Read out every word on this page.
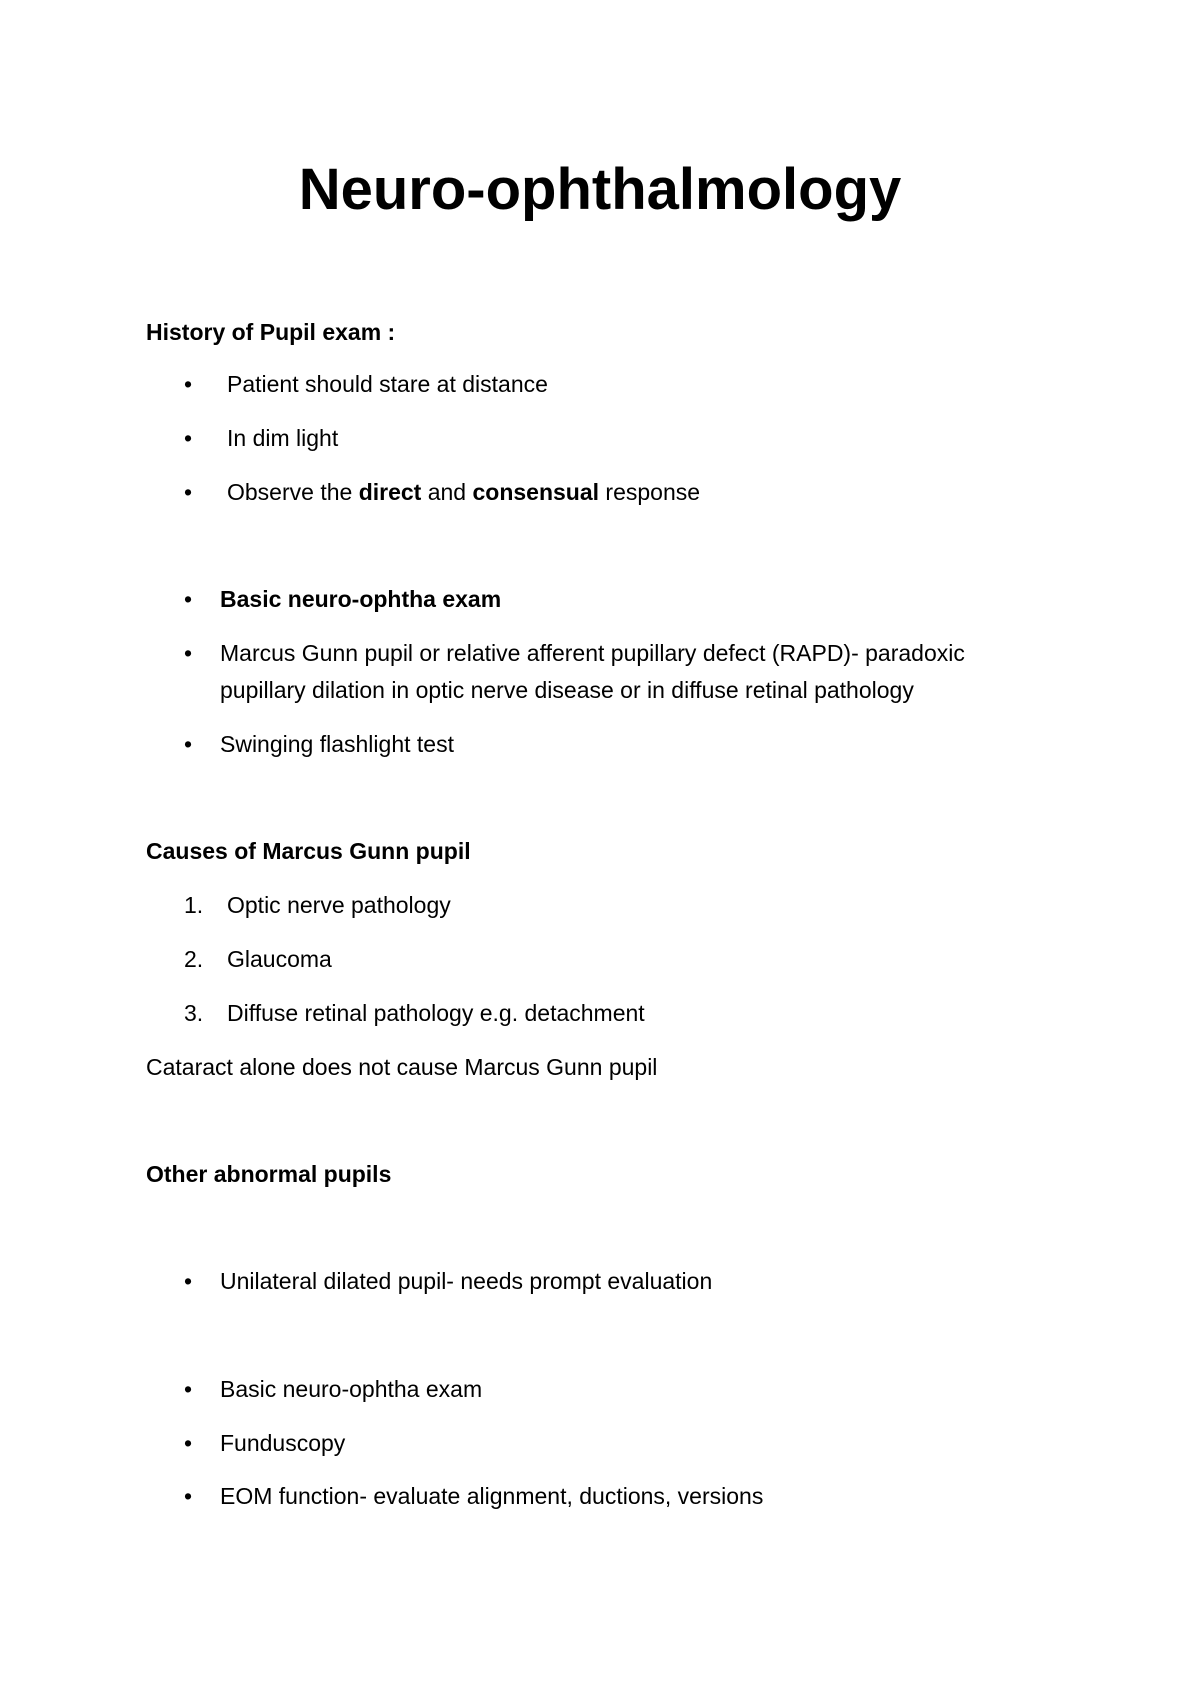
Neuro-ophthalmology
History of Pupil exam :
• Patient should stare at distance
• In dim light
• Observe the direct and consensual response
• Basic neuro-ophtha exam
• Marcus Gunn pupil or relative afferent pupillary defect (RAPD)- paradoxic
pupillary dilation in optic nerve disease or in diffuse retinal pathology
• Swinging flashlight test
Causes of Marcus Gunn pupil
1. Optic nerve pathology
2. Glaucoma
3. Diffuse retinal pathology e.g. detachment
Cataract alone does not cause Marcus Gunn pupil
Other abnormal pupils
• Unilateral dilated pupil- needs prompt evaluation
• Basic neuro-ophtha exam
• Funduscopy
• EOM function- evaluate alignment, ductions, versions
